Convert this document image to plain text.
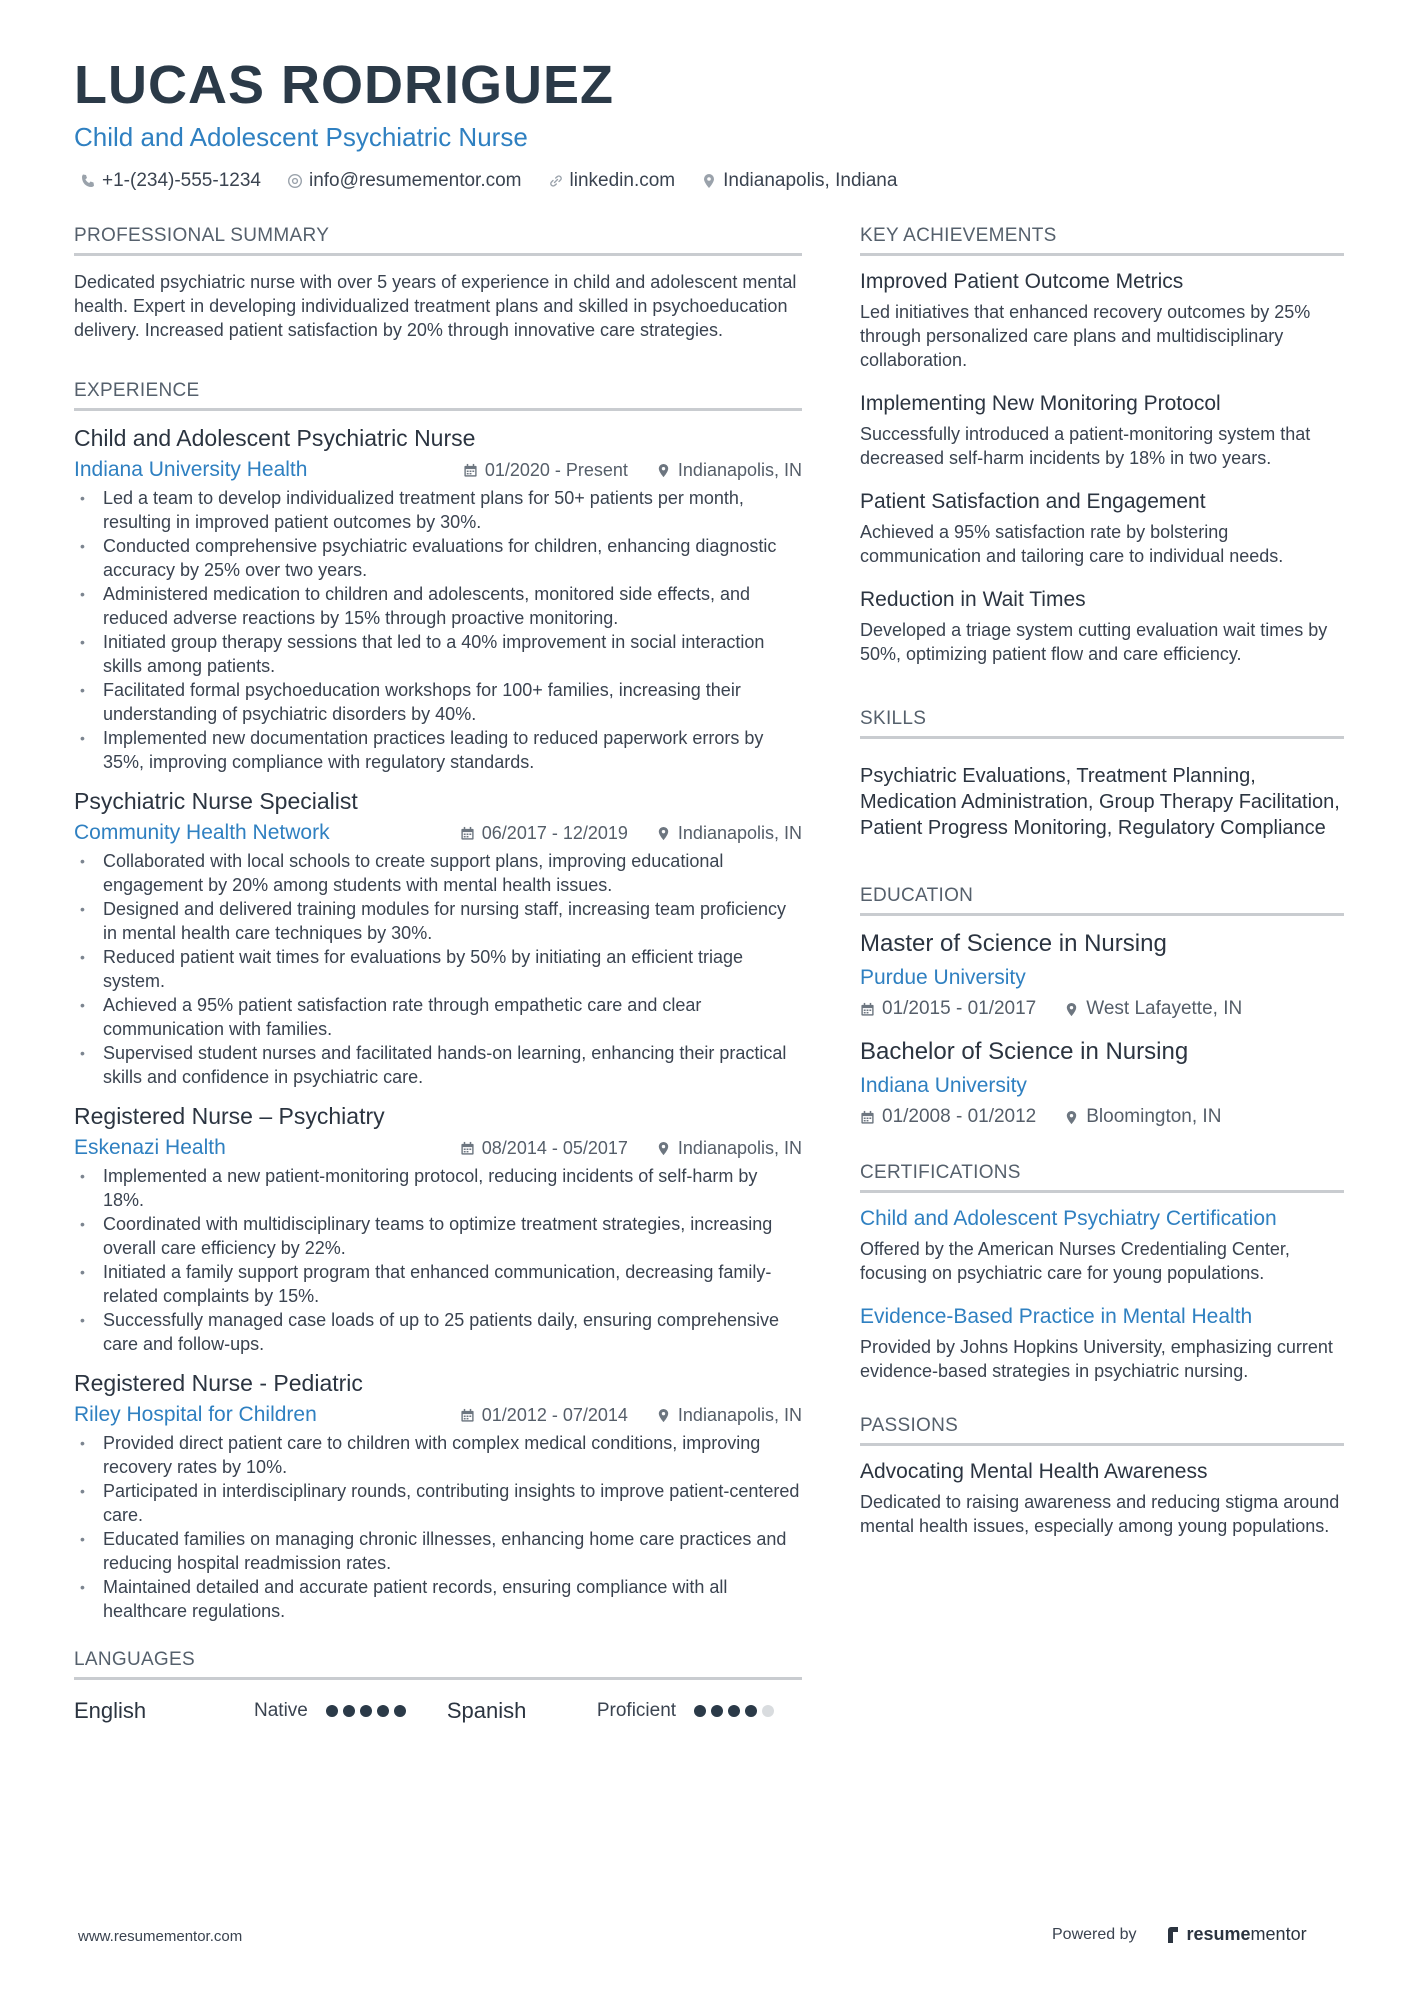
LUCAS RODRIGUEZ
Child and Adolescent Psychiatric Nurse
+1-(234)-555-1234	info@resumementor.com	linkedin.com	Indianapolis, Indiana
PROFESSIONAL SUMMARY

Dedicated psychiatric nurse with over 5 years of experience in child and adolescent mental health. Expert in developing individualized treatment plans and skilled in psychoeducation delivery. Increased patient satisfaction by 20% through innovative care strategies.

EXPERIENCE
Child and Adolescent Psychiatric Nurse
Indiana University Health	01/2020 - Present	Indianapolis, IN
• Led a team to develop individualized treatment plans for 50+ patients per month, resulting in improved patient outcomes by 30%.
• Conducted comprehensive psychiatric evaluations for children, enhancing diagnostic accuracy by 25% over two years.
• Administered medication to children and adolescents, monitored side effects, and reduced adverse reactions by 15% through proactive monitoring.
• Initiated group therapy sessions that led to a 40% improvement in social interaction skills among patients.
• Facilitated formal psychoeducation workshops for 100+ families, increasing their understanding of psychiatric disorders by 40%.
• Implemented new documentation practices leading to reduced paperwork errors by 35%, improving compliance with regulatory standards.
Psychiatric Nurse Specialist
Community Health Network	06/2017 - 12/2019	Indianapolis, IN
• Collaborated with local schools to create support plans, improving educational engagement by 20% among students with mental health issues.
• Designed and delivered training modules for nursing staff, increasing team proficiency in mental health care techniques by 30%.
• Reduced patient wait times for evaluations by 50% by initiating an efficient triage system.
• Achieved a 95% patient satisfaction rate through empathetic care and clear communication with families.
• Supervised student nurses and facilitated hands-on learning, enhancing their practical skills and confidence in psychiatric care.
Registered Nurse – Psychiatry
Eskenazi Health	08/2014 - 05/2017	Indianapolis, IN
• Implemented a new patient-monitoring protocol, reducing incidents of self-harm by 18%.
• Coordinated with multidisciplinary teams to optimize treatment strategies, increasing overall care efficiency by 22%.
• Initiated a family support program that enhanced communication, decreasing family-related complaints by 15%.
• Successfully managed case loads of up to 25 patients daily, ensuring comprehensive care and follow-ups.
Registered Nurse - Pediatric
Riley Hospital for Children	01/2012 - 07/2014	Indianapolis, IN
• Provided direct patient care to children with complex medical conditions, improving recovery rates by 10%.
• Participated in interdisciplinary rounds, contributing insights to improve patient-centered care.
• Educated families on managing chronic illnesses, enhancing home care practices and reducing hospital readmission rates.
• Maintained detailed and accurate patient records, ensuring compliance with all healthcare regulations.
LANGUAGES
English	Native	Spanish	Proficient
KEY ACHIEVEMENTS
Improved Patient Outcome Metrics
Led initiatives that enhanced recovery outcomes by 25% through personalized care plans and multidisciplinary collaboration.
Implementing New Monitoring Protocol
Successfully introduced a patient-monitoring system that decreased self-harm incidents by 18% in two years.
Patient Satisfaction and Engagement
Achieved a 95% satisfaction rate by bolstering communication and tailoring care to individual needs.
Reduction in Wait Times
Developed a triage system cutting evaluation wait times by 50%, optimizing patient flow and care efficiency.
SKILLS
Psychiatric Evaluations, Treatment Planning, Medication Administration, Group Therapy Facilitation, Patient Progress Monitoring, Regulatory Compliance
EDUCATION
Master of Science in Nursing
Purdue University
01/2015 - 01/2017	West Lafayette, IN
Bachelor of Science in Nursing
Indiana University
01/2008 - 01/2012	Bloomington, IN
CERTIFICATIONS
Child and Adolescent Psychiatry Certification
Offered by the American Nurses Credentialing Center, focusing on psychiatric care for young populations.
Evidence-Based Practice in Mental Health
Provided by Johns Hopkins University, emphasizing current evidence-based strategies in psychiatric nursing.
PASSIONS
Advocating Mental Health Awareness
Dedicated to raising awareness and reducing stigma around mental health issues, especially among young populations.
www.resumementor.com	Powered by	resume mentor
